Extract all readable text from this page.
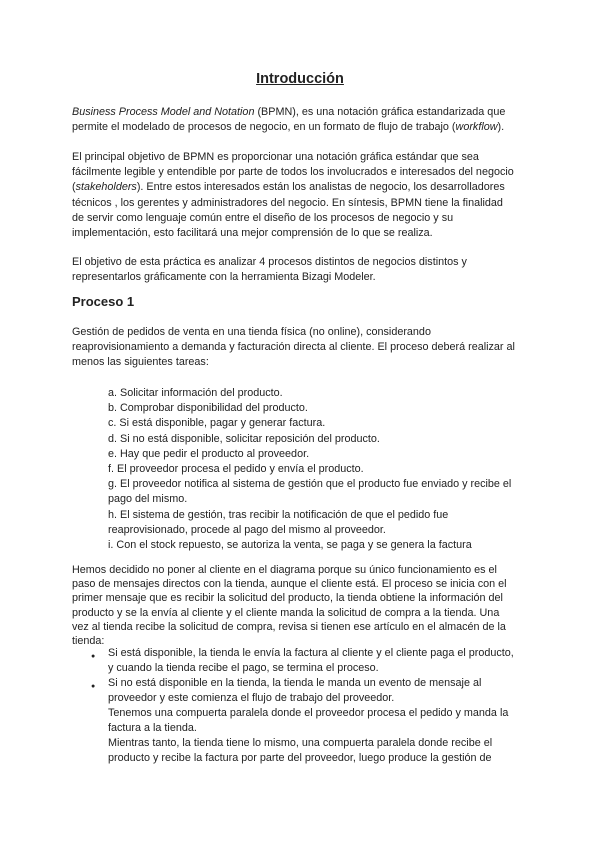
Introducción
Business Process Model and Notation (BPMN), es una notación gráfica estandarizada que
permite el modelado de procesos de negocio, en un formato de flujo de trabajo (workflow).
El principal objetivo de BPMN es proporcionar una notación gráfica estándar que sea
fácilmente legible y entendible por parte de todos los involucrados e interesados del negocio
(stakeholders). Entre estos interesados están los analistas de negocio, los desarrolladores
técnicos , los gerentes y administradores del negocio. En síntesis, BPMN tiene la finalidad
de servir como lenguaje común entre el diseño de los procesos de negocio y su
implementación, esto facilitará una mejor comprensión de lo que se realiza.
El objetivo de esta práctica es analizar 4 procesos distintos de negocios distintos y
representarlos gráficamente con la herramienta Bizagi Modeler.
Proceso 1
Gestión de pedidos de venta en una tienda física (no online), considerando
reaprovisionamiento a demanda y facturación directa al cliente. El proceso deberá realizar al
menos las siguientes tareas:
a. Solicitar información del producto.
b. Comprobar disponibilidad del producto.
c. Si está disponible, pagar y generar factura.
d. Si no está disponible, solicitar reposición del producto.
e. Hay que pedir el producto al proveedor.
f. El proveedor procesa el pedido y envía el producto.
g. El proveedor notifica al sistema de gestión que el producto fue enviado y recibe el
pago del mismo.
h. El sistema de gestión, tras recibir la notificación de que el pedido fue
reaprovisionado, procede al pago del mismo al proveedor.
i. Con el stock repuesto, se autoriza la venta, se paga y se genera la factura
Hemos decidido no poner al cliente en el diagrama porque su único funcionamiento es el
paso de mensajes directos con la tienda, aunque el cliente está. El proceso se inicia con el
primer mensaje que es recibir la solicitud del producto, la tienda obtiene la información del
producto y se la envía al cliente y el cliente manda la solicitud de compra a la tienda. Una
vez al tienda recibe la solicitud de compra, revisa si tienen ese artículo en el almacén de la
tienda:
● Si está disponible, la tienda le envía la factura al cliente y el cliente paga el producto,
y cuando la tienda recibe el pago, se termina el proceso.
● Si no está disponible en la tienda, la tienda le manda un evento de mensaje al
proveedor y este comienza el flujo de trabajo del proveedor.
Tenemos una compuerta paralela donde el proveedor procesa el pedido y manda la
factura a la tienda.
Mientras tanto, la tienda tiene lo mismo, una compuerta paralela donde recibe el
producto y recibe la factura por parte del proveedor, luego produce la gestión de
